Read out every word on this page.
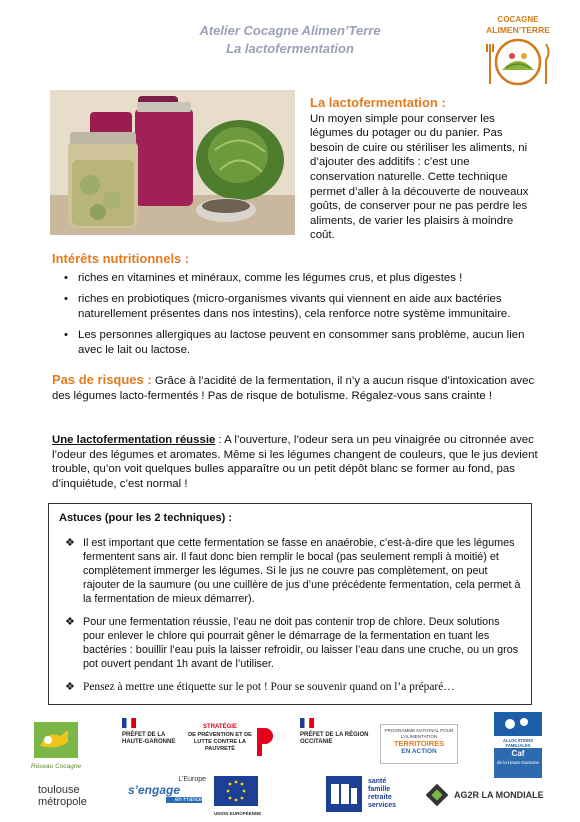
Atelier Cocagne Alimen’Terre
La lactofermentation
COCAGNE
ALIMEN’TERRE
La lactofermentation :
Un moyen simple pour conserver les légumes du potager ou du panier. Pas besoin de cuire ou stériliser les aliments, ni d’ajouter des additifs : c’est une conservation naturelle. Cette technique permet d’aller à la découverte de nouveaux goûts, de conserver pour ne pas perdre les aliments, de varier les plaisirs à moindre coût.
Intérêts nutritionnels :
• riches en vitamines et minéraux, comme les légumes crus, et plus digestes !
• riches en probiotiques (micro-organismes vivants qui viennent en aide aux bactéries naturellement présentes dans nos intestins), cela renforce notre système immunitaire.
• Les personnes allergiques au lactose peuvent en consommer sans problème, aucun lien avec le lait ou lactose.
Pas de risques : Grâce à l’acidité de la fermentation, il n’y a aucun risque d’intoxication avec des légumes lacto-fermentés ! Pas de risque de botulisme. Régalez-vous sans crainte !
Une lactofermentation réussie : A l’ouverture, l’odeur sera un peu vinaigrée ou citronnée avec l’odeur des légumes et aromates. Même si les légumes changent de couleurs, que le jus devient trouble, qu’on voit quelques bulles apparaître ou un petit dépôt blanc se former au fond, pas d’inquiétude, c’est normal !
Astuces (pour les 2 techniques) :
❖ Il est important que cette fermentation se fasse en anaérobie, c’est-à-dire que les légumes fermentent sans air. Il faut donc bien remplir le bocal (pas seulement rempli à moitié) et complètement immerger les légumes. Si le jus ne couvre pas complètement, on peut rajouter de la saumure (ou une cuillère de jus d’une précédente fermentation, cela permet à la fermentation de mieux démarrer).
❖ Pour une fermentation réussie, l’eau ne doit pas contenir trop de chlore. Deux solutions pour enlever le chlore qui pourrait gêner le démarrage de la fermentation en tuant les bactéries : bouillir l’eau puis la laisser refroidir, ou laisser l’eau dans une cruche, ou un gros pot ouvert pendant 1h avant de l’utiliser.
❖ Pensez à mettre une étiquette sur le pot ! Pour se souvenir quand on l’a préparé…
Réseau Cocagne
PRÉFET DE LA HAUTE-GARONNE
STRATÉGIE
DE PRÉVENTION ET DE LUTTE CONTRE LA PAUVRETÉ
PRÉFET DE LA RÉGION OCCITANIE
PROGRAMME NATIONAL POUR L’ALIMENTATION
TERRITOIRES
EN ACTION
ALLOCATIONS FAMILIALES
Caf
de la Haute-Garonne
toulouse métropole
L’Europe
s’engage
en France
UNION EUROPÉENNE
santé
famille
retraite
services
AG2R LA MONDIALE
